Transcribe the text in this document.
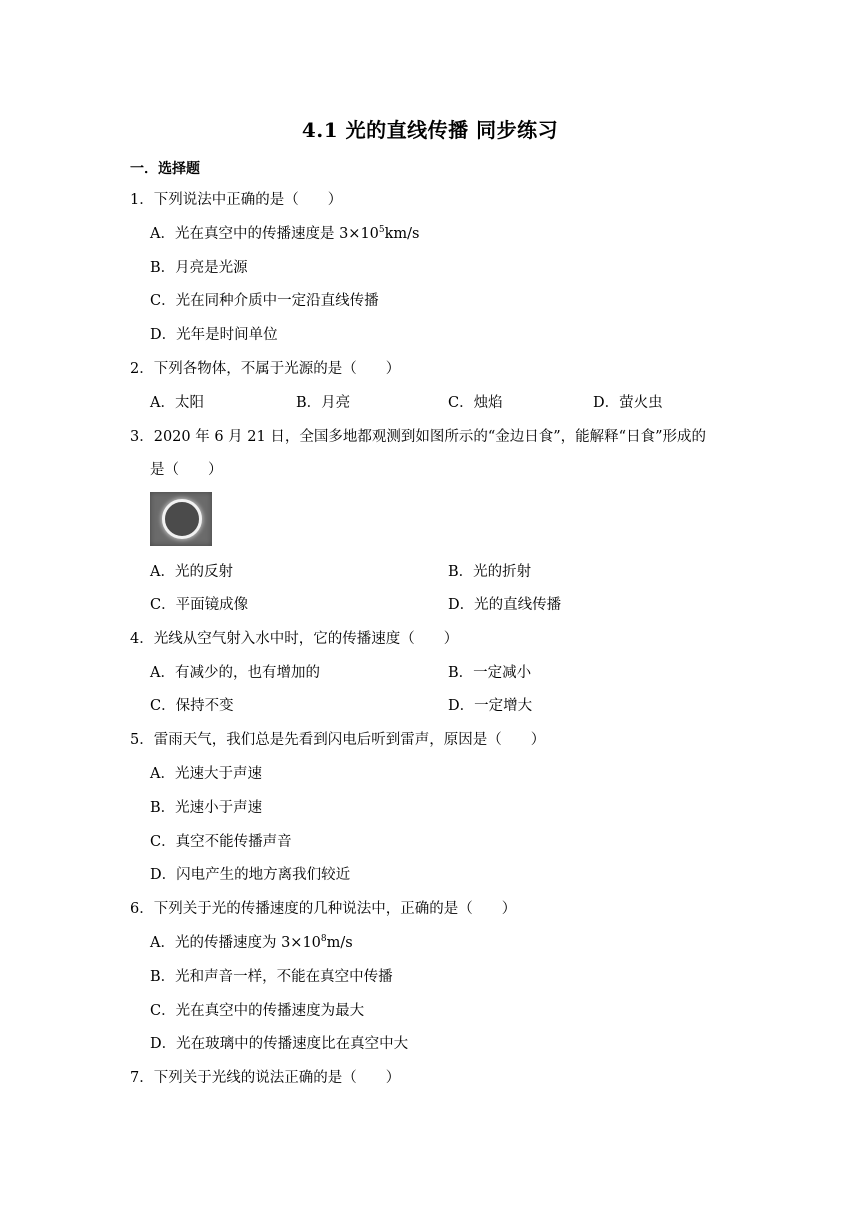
4.1 光的直线传播 同步练习
一．选择题
1．下列说法中正确的是（　　）
A．光在真空中的传播速度是 $3\times 10^5km/s$
B．月亮是光源
C．光在同种介质中一定沿直线传播
D．光年是时间单位
2．下列各物体，不属于光源的是（　　）
A．太阳	B．月亮	C．烛焰	D．萤火虫
3．2020 年 6 月 21 日，全国多地都观测到如图所示的“金边日食”，能解释“日食”形成的
是（　　）
A．光的反射	B．光的折射
C．平面镜成像	D．光的直线传播
4．光线从空气射入水中时，它的传播速度（　　）
A．有减少的，也有增加的	B．一定减小
C．保持不变	D．一定增大
5．雷雨天气，我们总是先看到闪电后听到雷声，原因是（　　）
A．光速大于声速
B．光速小于声速
C．真空不能传播声音
D．闪电产生的地方离我们较近
6．下列关于光的传播速度的几种说法中，正确的是（　　）
A．光的传播速度为 $3\times 10^8m/s$
B．光和声音一样，不能在真空中传播
C．光在真空中的传播速度为最大
D．光在玻璃中的传播速度比在真空中大
7．下列关于光线的说法正确的是（　　）
